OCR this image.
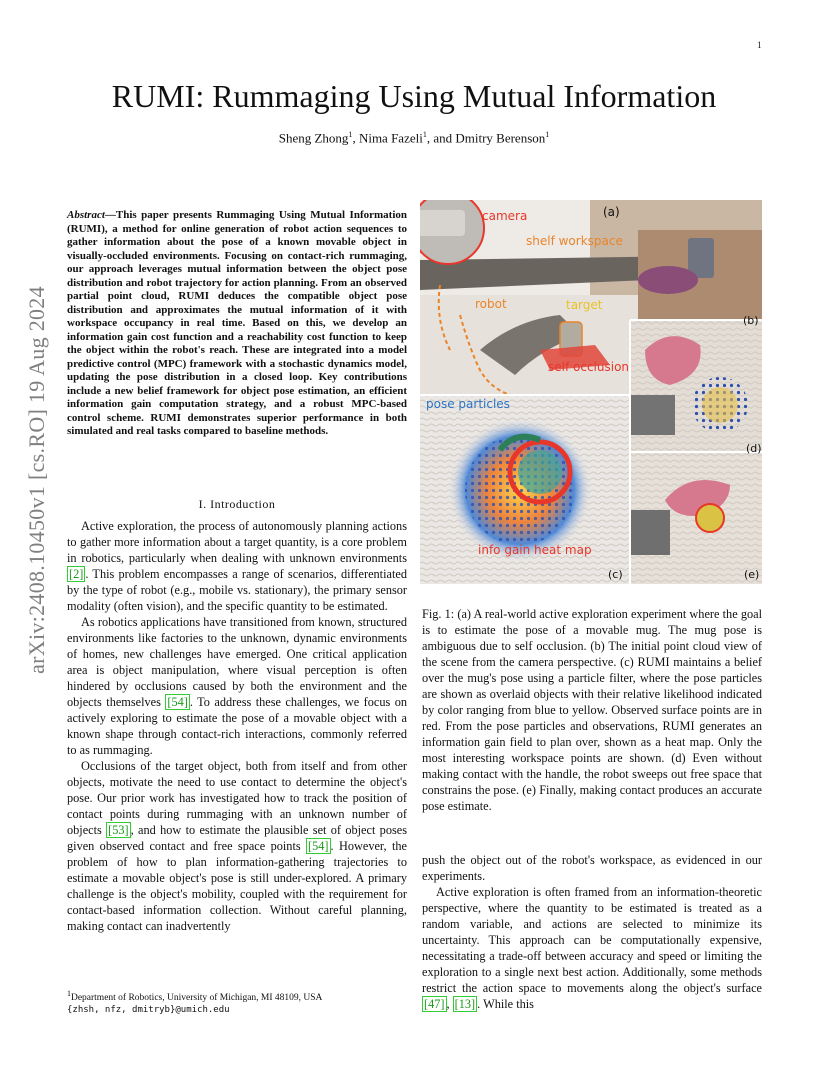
1
arXiv:2408.10450v1 [cs.RO] 19 Aug 2024
RUMI: Rummaging Using Mutual Information
Sheng Zhong$^1$, Nima Fazeli$^1$, and Dmitry Berenson$^1$
Abstract—This paper presents Rummaging Using Mutual Information (RUMI), a method for online generation of robot action sequences to gather information about the pose of a known movable object in visually-occluded environments. Focusing on contact-rich rummaging, our approach leverages mutual information between the object pose distribution and robot trajectory for action planning. From an observed partial point cloud, RUMI deduces the compatible object pose distribution and approximates the mutual information of it with workspace occupancy in real time. Based on this, we develop an information gain cost function and a reachability cost function to keep the object within the robot's reach. These are integrated into a model predictive control (MPC) framework with a stochastic dynamics model, updating the pose distribution in a closed loop. Key contributions include a new belief framework for object pose estimation, an efficient information gain computation strategy, and a robust MPC-based control scheme. RUMI demonstrates superior performance in both simulated and real tasks compared to baseline methods.
I. Introduction

Active exploration, the process of autonomously planning actions to gather more information about a target quantity, is a core problem in robotics, particularly when dealing with unknown environments [2] . This problem encompasses a range of scenarios, differentiated by the type of robot (e.g., mobile vs. stationary), the primary sensor modality (often vision), and the specific quantity to be estimated.

As robotics applications have transitioned from known, structured environments like factories to the unknown, dynamic environments of homes, new challenges have emerged. One critical application area is object manipulation, where visual perception is often hindered by occlusions caused by both the environment and the objects themselves [54] . To address these challenges, we focus on actively exploring to estimate the pose of a movable object with a known shape through contact-rich interactions, commonly referred to as rummaging.

Occlusions of the target object, both from itself and from other objects, motivate the need to use contact to determine the object's pose. Our prior work has investigated how to track the position of contact points during rummaging with an unknown number of objects [53] , and how to estimate the plausible set of object poses given observed contact and free space points [54] . However, the problem of how to plan information-gathering trajectories to estimate a movable object's pose is still under-explored. A primary challenge is the object's mobility, coupled with the requirement for contact-based information collection. Without careful planning, making contact can inadvertently

$^1$Department of Robotics, University of Michigan, MI 48109, USA
{zhsh, nfz, dmitryb}@umich.edu
camera	(a)
shelf workspace
robot	target
self occlusion
(b)
pose particles
(d)
info gain heat map
(c)	(e)

Fig. 1: (a) A real-world active exploration experiment where the goal is to estimate the pose of a movable mug. The mug pose is ambiguous due to self occlusion. (b) The initial point cloud view of the scene from the camera perspective. (c) RUMI maintains a belief over the mug's pose using a particle filter, where the pose particles are shown as overlaid objects with their relative likelihood indicated by color ranging from blue to yellow. Observed surface points are in red. From the pose particles and observations, RUMI generates an information gain field to plan over, shown as a heat map. Only the most interesting workspace points are shown. (d) Even without making contact with the handle, the robot sweeps out free space that constrains the pose. (e) Finally, making contact produces an accurate pose estimate.

push the object out of the robot's workspace, as evidenced in our experiments.

Active exploration is often framed from an information-theoretic perspective, where the quantity to be estimated is treated as a random variable, and actions are selected to minimize its uncertainty. This approach can be computationally expensive, necessitating a trade-off between accuracy and speed or limiting the exploration to a single next best action. Additionally, some methods restrict the action space to movements along the object's surface [47] , [13] . While this
